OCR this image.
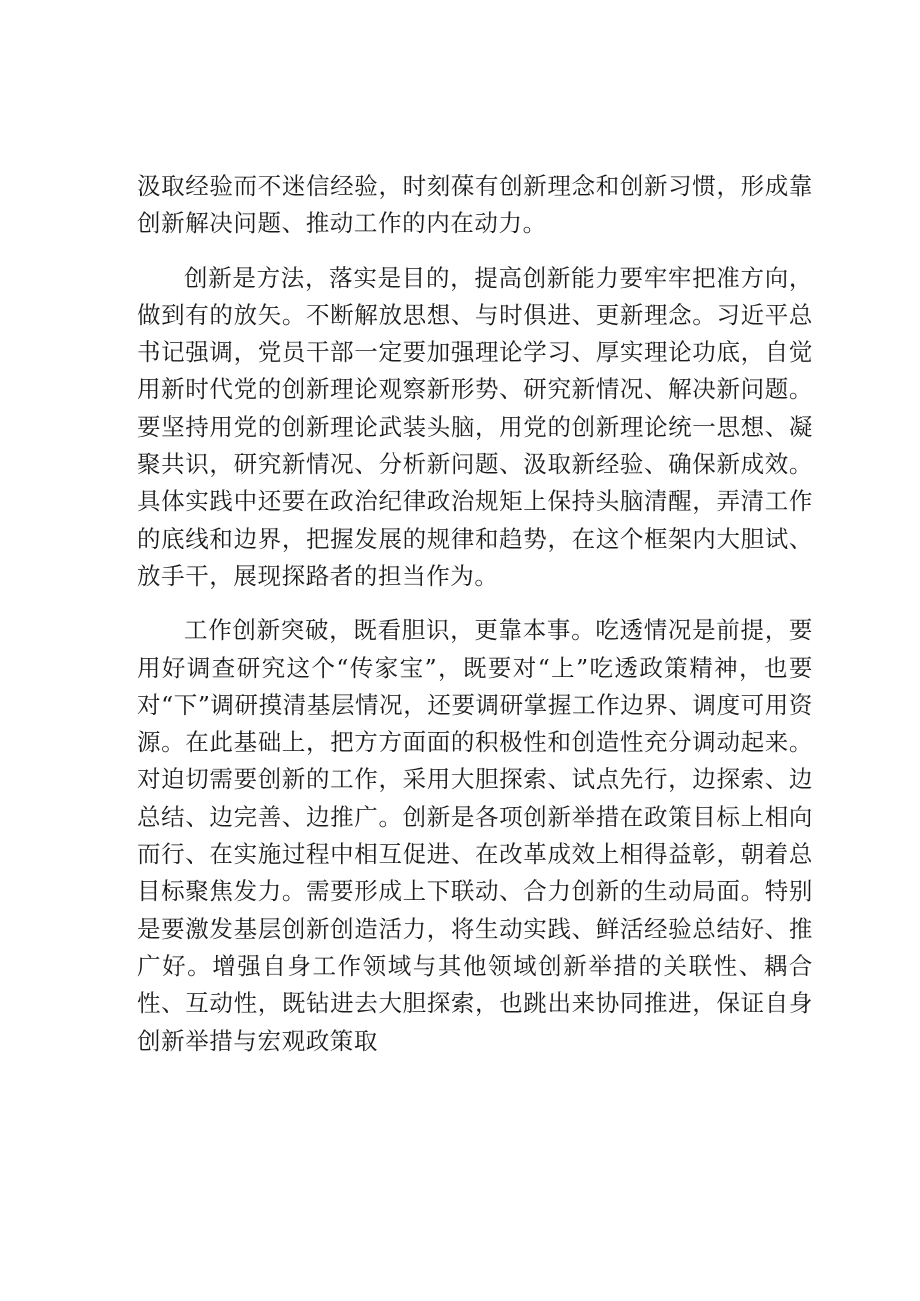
汲取经验而不迷信经验，时刻葆有创新理念和创新习惯，形成靠创新解决问题、推动工作的内在动力。

创新是方法，落实是目的，提高创新能力要牢牢把准方向，做到有的放矢。不断解放思想、与时俱进、更新理念。习近平总书记强调，党员干部一定要加强理论学习、厚实理论功底，自觉用新时代党的创新理论观察新形势、研究新情况、解决新问题。要坚持用党的创新理论武装头脑，用党的创新理论统一思想、凝聚共识，研究新情况、分析新问题、汲取新经验、确保新成效。具体实践中还要在政治纪律政治规矩上保持头脑清醒，弄清工作的底线和边界，把握发展的规律和趋势，在这个框架内大胆试、放手干，展现探路者的担当作为。

工作创新突破，既看胆识，更靠本事。吃透情况是前提，要用好调查研究这个“传家宝”，既要对“上”吃透政策精神，也要对“下”调研摸清基层情况，还要调研掌握工作边界、调度可用资源。在此基础上，把方方面面的积极性和创造性充分调动起来。对迫切需要创新的工作，采用大胆探索、试点先行，边探索、边总结、边完善、边推广。创新是各项创新举措在政策目标上相向而行、在实施过程中相互促进、在改革成效上相得益彰，朝着总目标聚焦发力。需要形成上下联动、合力创新的生动局面。特别是要激发基层创新创造活力，将生动实践、鲜活经验总结好、推广好。增强自身工作领域与其他领域创新举措的关联性、耦合性、互动性，既钻进去大胆探索，也跳出来协同推进，保证自身创新举措与宏观政策取
